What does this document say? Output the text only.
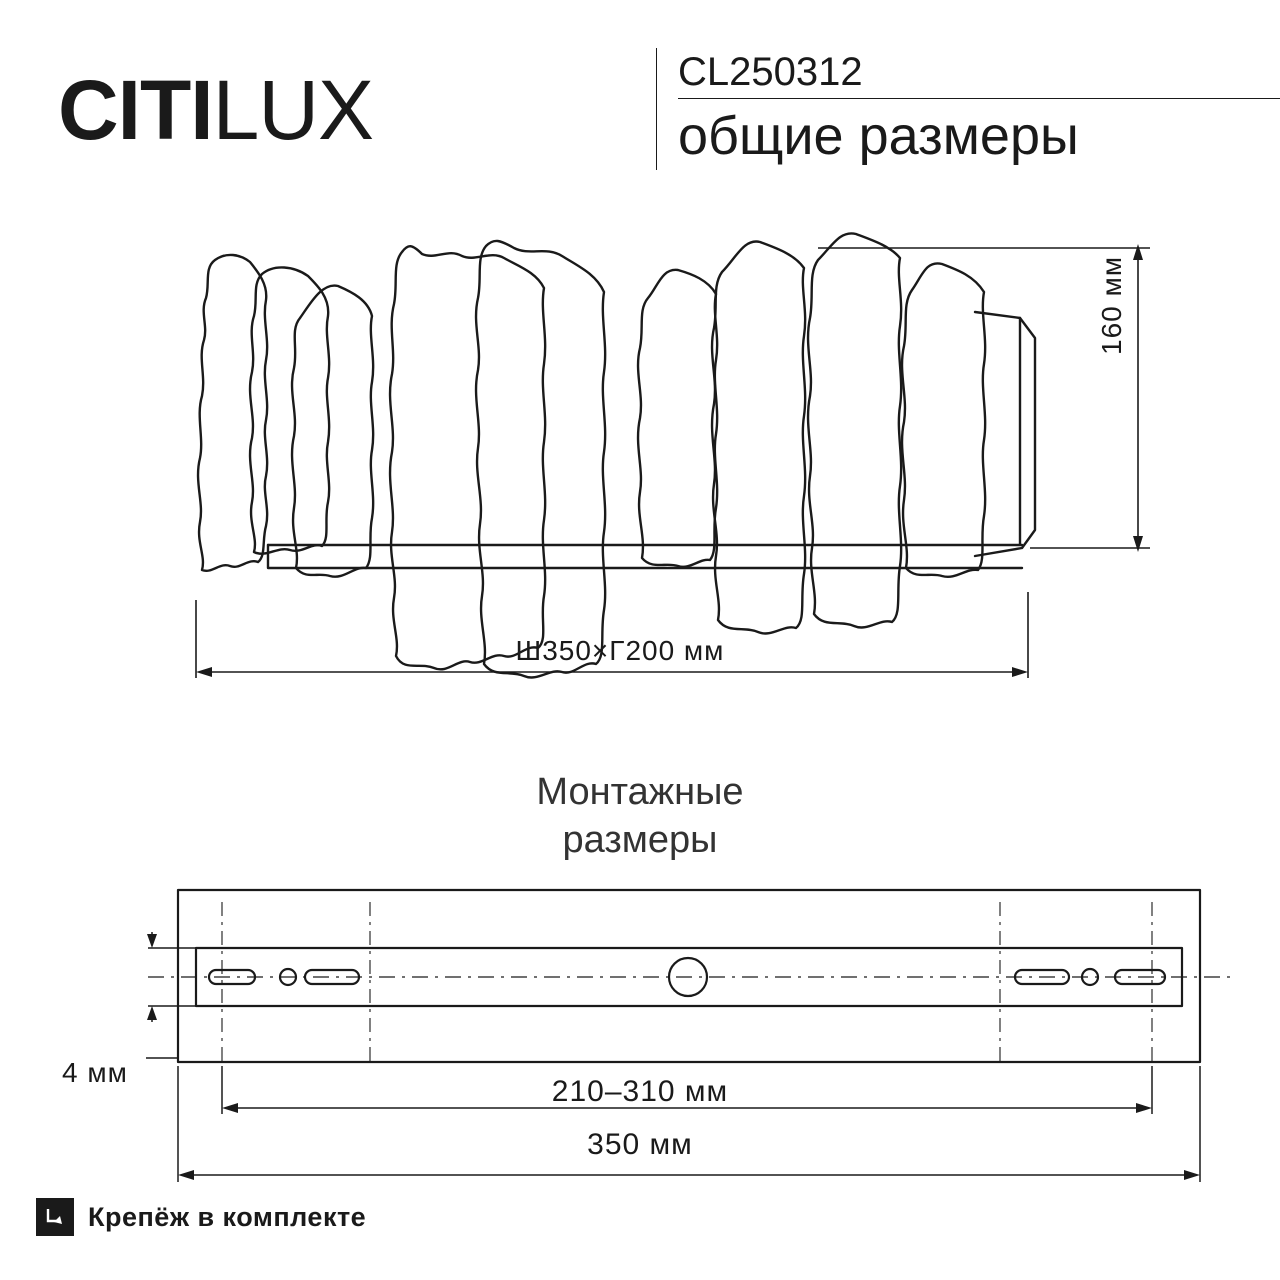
CITILUX	CL250312
общие размеры
Ш350×Г200 мм
160 мм
Монтажные
размеры
4 мм
210–310 мм
350 мм
Крепёж в комплекте
